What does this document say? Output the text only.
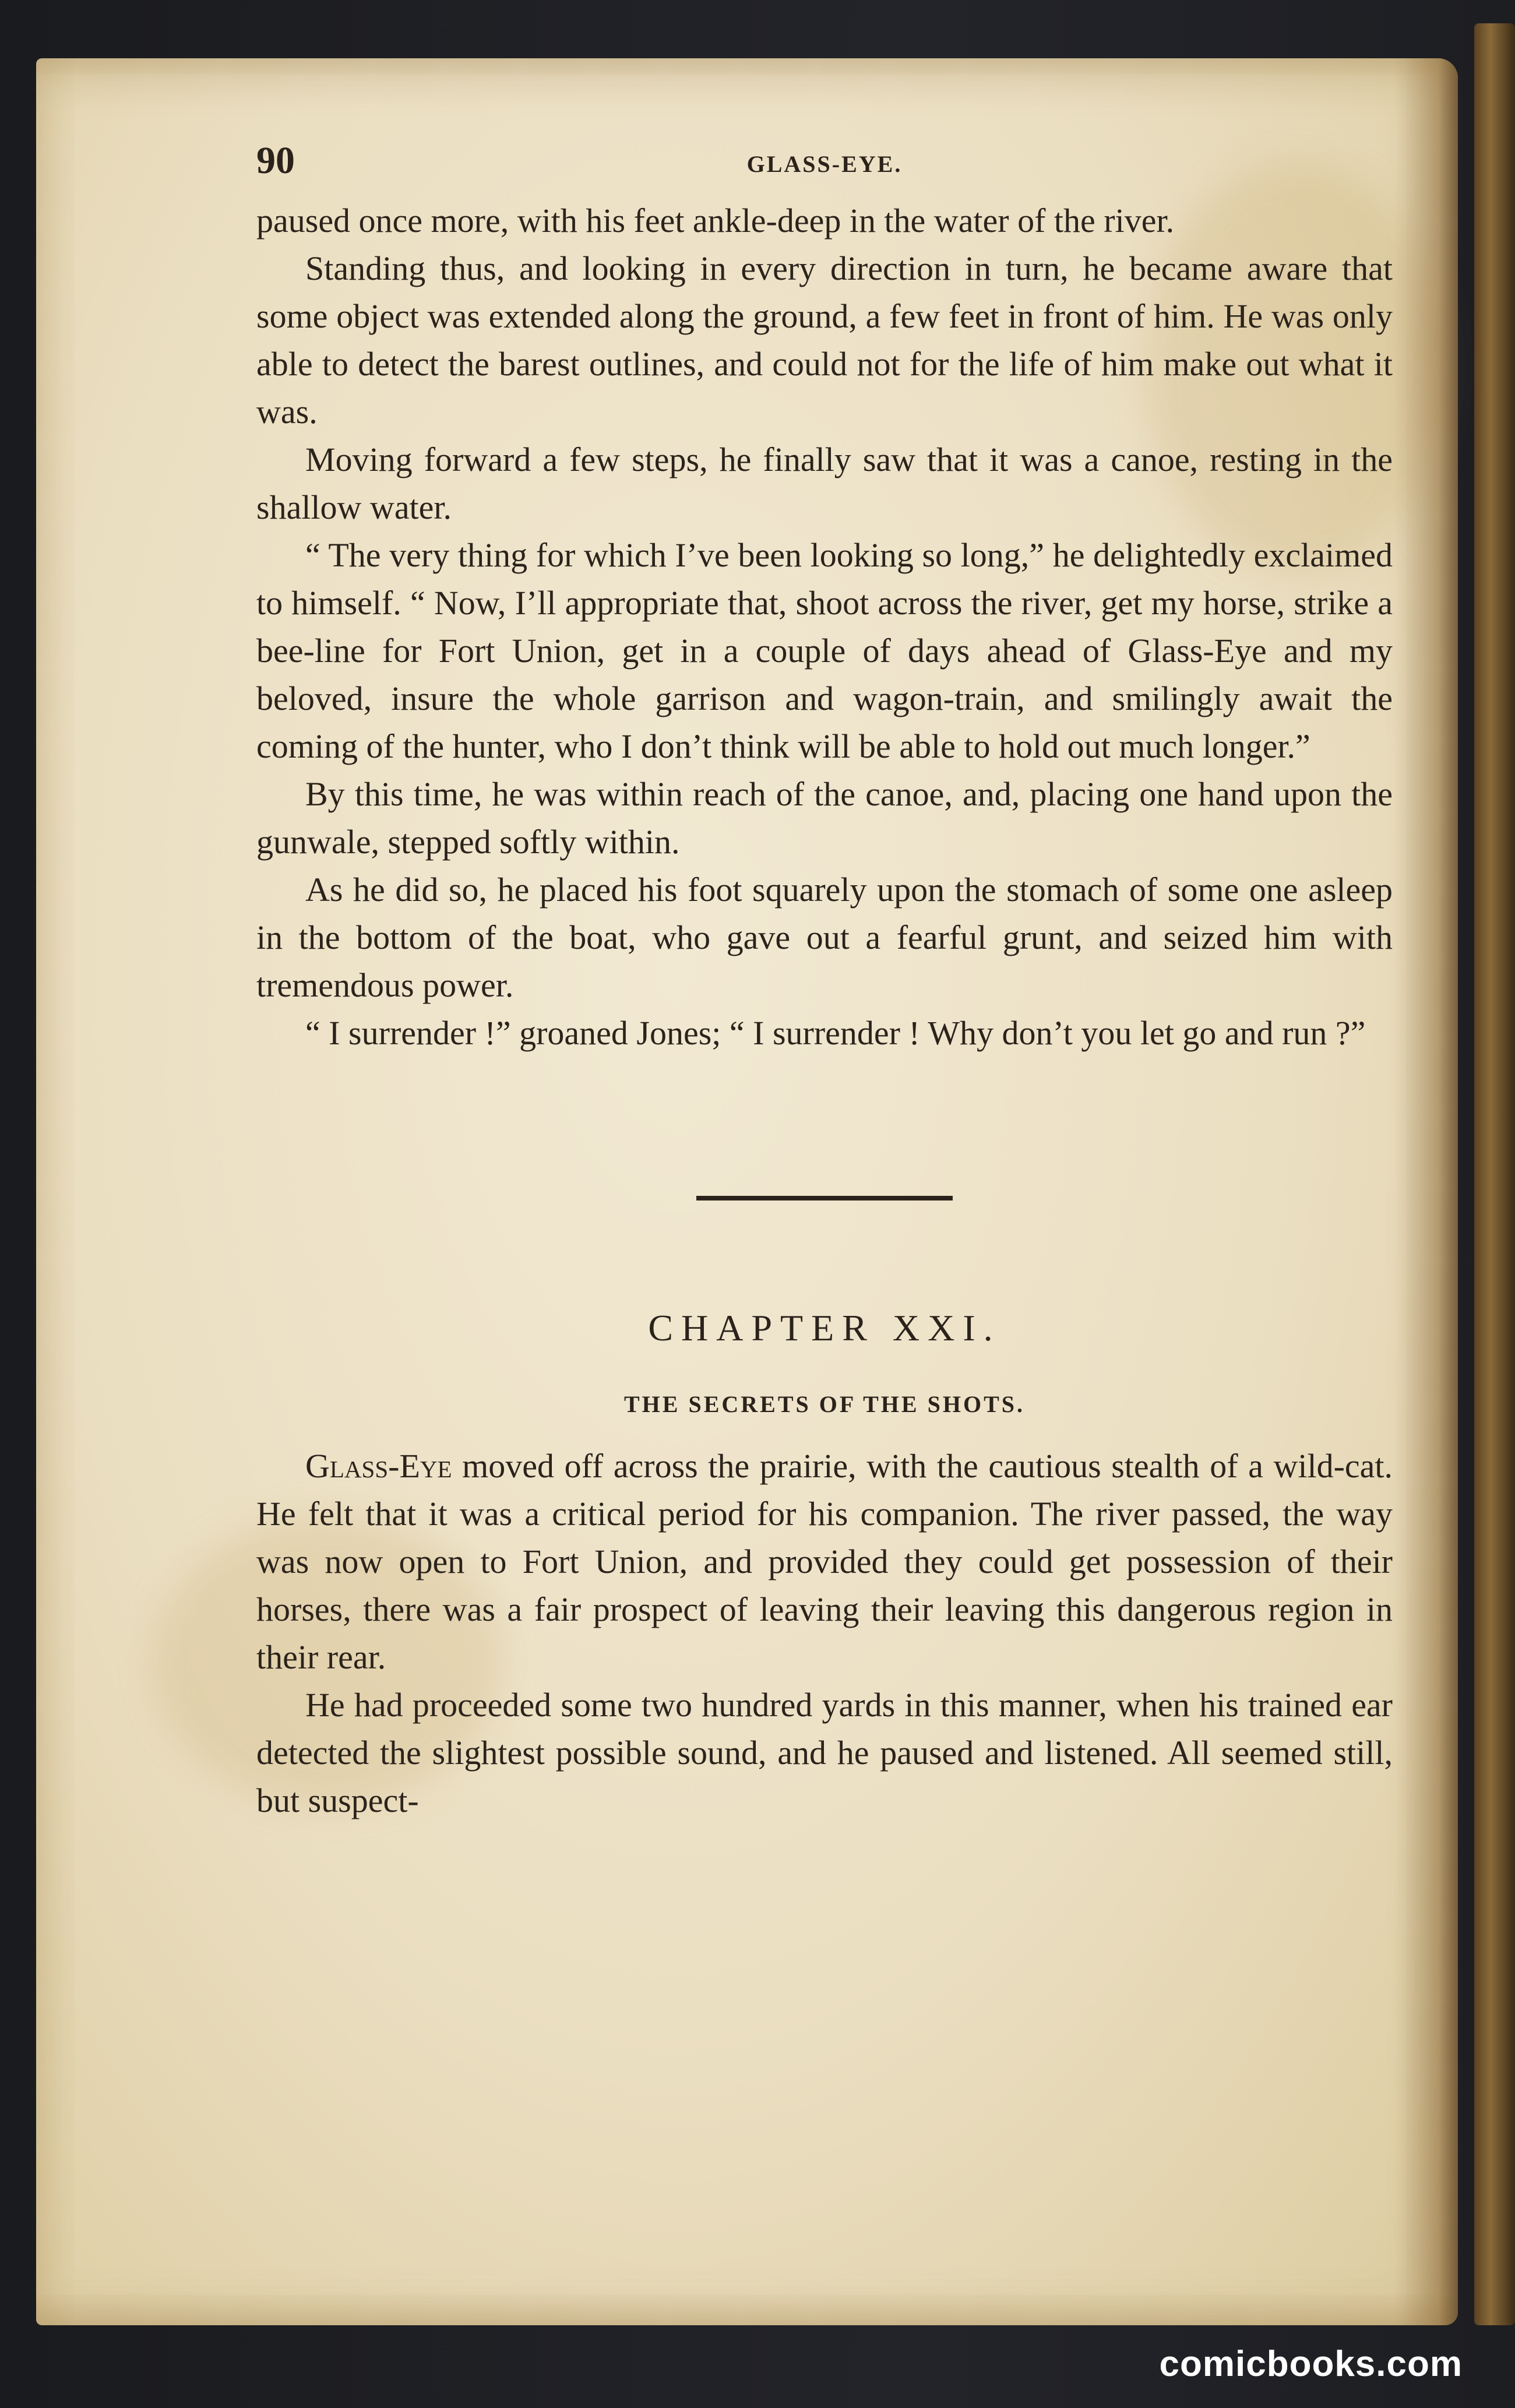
90	GLASS-EYE.

paused once more, with his feet ankle-deep in the water of the river.

Standing thus, and looking in every direction in turn, he became aware that some object was extended along the ground, a few feet in front of him. He was only able to detect the barest outlines, and could not for the life of him make out what it was.

Moving forward a few steps, he finally saw that it was a canoe, resting in the shallow water.

“ The very thing for which I’ve been looking so long,” he delightedly exclaimed to himself. “ Now, I’ll appropriate that, shoot across the river, get my horse, strike a bee-line for Fort Union, get in a couple of days ahead of Glass-Eye and my beloved, insure the whole garrison and wagon-train, and smilingly await the coming of the hunter, who I don’t think will be able to hold out much longer.”

By this time, he was within reach of the canoe, and, placing one hand upon the gunwale, stepped softly within.

As he did so, he placed his foot squarely upon the stomach of some one asleep in the bottom of the boat, who gave out a fearful grunt, and seized him with tremendous power.

“ I surrender !” groaned Jones; “ I surrender ! Why don’t you let go and run ?”

CHAPTER XXI.
THE SECRETS OF THE SHOTS.

Glass-Eye moved off across the prairie, with the cautious stealth of a wild-cat. He felt that it was a critical period for his companion. The river passed, the way was now open to Fort Union, and provided they could get possession of their horses, there was a fair prospect of leaving their leaving this dangerous region in their rear.

He had proceeded some two hundred yards in this manner, when his trained ear detected the slightest possible sound, and he paused and listened. All seemed still, but suspect-

comicbooks.com
